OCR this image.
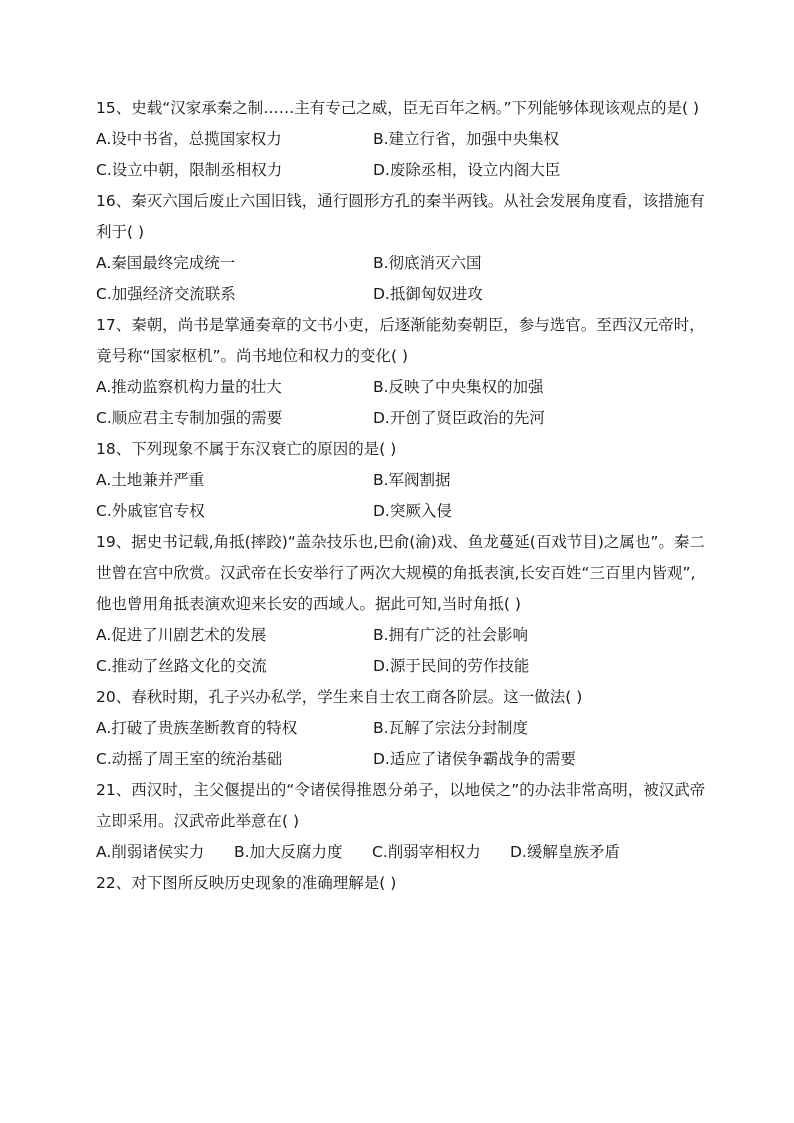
15、史载“汉家承秦之制……主有专己之威，臣无百年之柄。”下列能够体现该观点的是( )

A.设中书省，总揽国家权力	B.建立行省，加强中央集权
C.设立中朝，限制丞相权力	D.废除丞相，设立内阁大臣

16、秦灭六国后废止六国旧钱，通行圆形方孔的秦半两钱。从社会发展角度看，该措施有利于( )

A.秦国最终完成统一	B.彻底消灭六国
C.加强经济交流联系	D.抵御匈奴进攻

17、秦朝，尚书是掌通奏章的文书小吏，后逐渐能劾奏朝臣，参与选官。至西汉元帝时，竟号称“国家枢机”。尚书地位和权力的变化( )

A.推动监察机构力量的壮大	B.反映了中央集权的加强
C.顺应君主专制加强的需要	D.开创了贤臣政治的先河

18、下列现象不属于东汉衰亡的原因的是( )

A.土地兼并严重	B.军阀割据
C.外戚宦官专权	D.突厥入侵

19、据史书记载,角抵(摔跤)“盖杂技乐也,巴俞(渝)戏、鱼龙蔓延(百戏节目)之属也”。秦二世曾在宫中欣赏。汉武帝在长安举行了两次大规模的角抵表演,长安百姓“三百里内皆观”,他也曾用角抵表演欢迎来长安的西域人。据此可知,当时角抵( )

A.促进了川剧艺术的发展	B.拥有广泛的社会影响
C.推动了丝路文化的交流	D.源于民间的劳作技能

20、春秋时期，孔子兴办私学，学生来自士农工商各阶层。这一做法( )

A.打破了贵族垄断教育的特权	B.瓦解了宗法分封制度
C.动摇了周王室的统治基础	D.适应了诸侯争霸战争的需要

21、西汉时，主父偃提出的“令诸侯得推恩分弟子，以地侯之”的办法非常高明，被汉武帝立即采用。汉武帝此举意在( )

A.削弱诸侯实力	B.加大反腐力度	C.削弱宰相权力	D.缓解皇族矛盾

22、对下图所反映历史现象的准确理解是( )
